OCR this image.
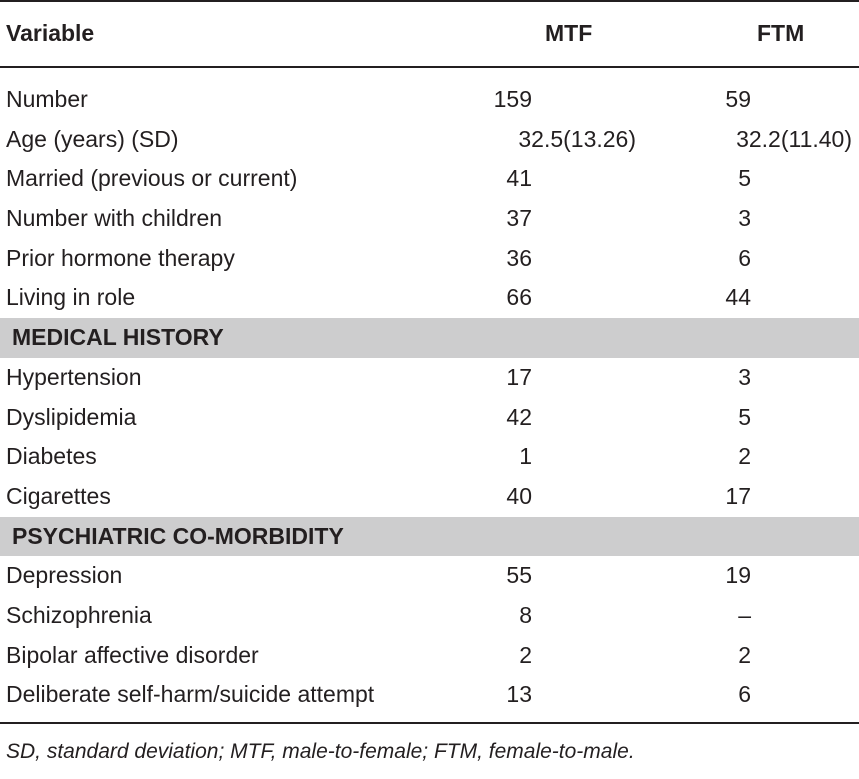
Variable	MTF	FTM
Number	159	59
Age (years) (SD)	32.5(13.26)	32.2(11.40)
Married (previous or current)	41	5
Number with children	37	3
Prior hormone therapy	36	6
Living in role	66	44
MEDICAL HISTORY
Hypertension	17	3
Dyslipidemia	42	5
Diabetes	1	2
Cigarettes	40	17
PSYCHIATRIC CO-MORBIDITY
Depression	55	19
Schizophrenia	8	–
Bipolar affective disorder	2	2
Deliberate self-harm/suicide attempt	13	6
SD, standard deviation; MTF, male-to-female; FTM, female-to-male.
